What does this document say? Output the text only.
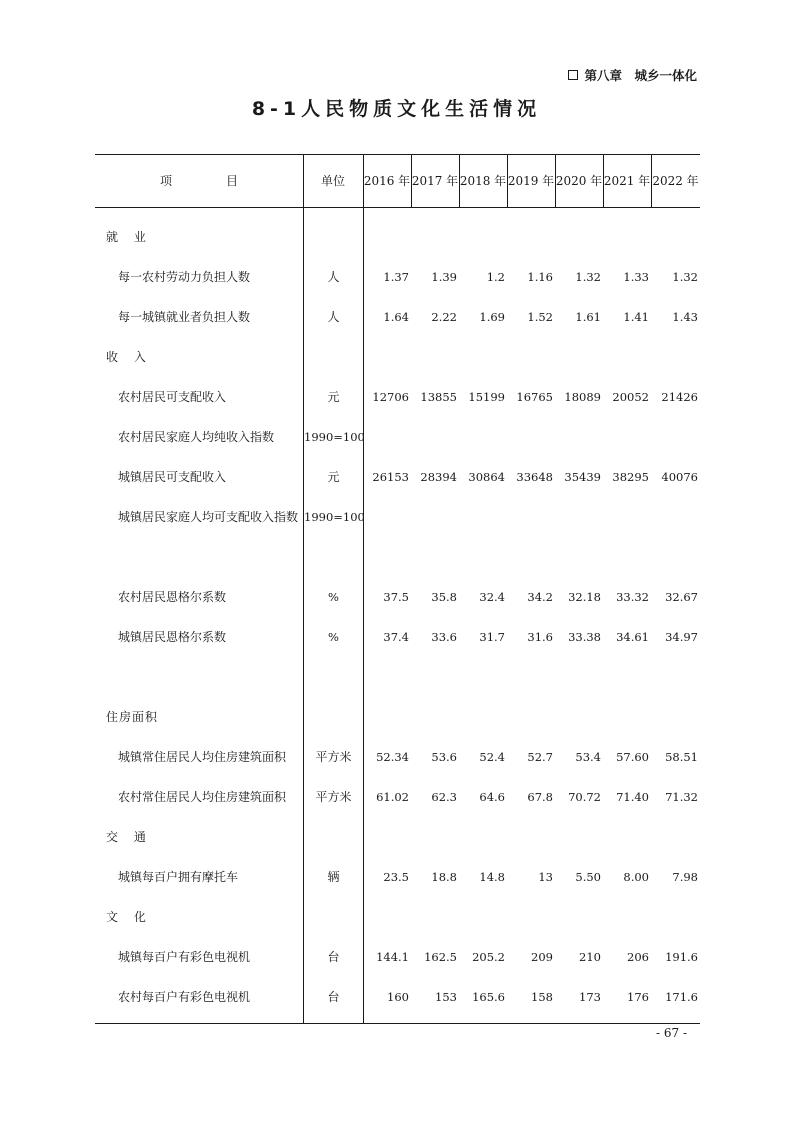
第八章　城乡一体化
8-1人民物质文化生活情况
项目	单位	2016 年 2017 年 2018 年 2019 年 2020 年 2021 年 2022 年
就 业
每一农村劳动力负担人数	人	1.37	1.39	1.2	1.16	1.32	1.33	1.32
每一城镇就业者负担人数	人	1.64	2.22	1.69	1.52	1.61	1.41	1.43
收 入
农村居民可支配收入	元	12706 13855 15199 16765 18089 20052	21426
农村居民家庭人均纯收入指数	1990=100
城镇居民可支配收入	元	26153 28394 30864 33648 35439 38295	40076
城镇居民家庭人均可支配收入指数 1990=100
农村居民恩格尔系数	%	37.5	35.8	32.4	34.2	32.18	33.32	32.67
城镇居民恩格尔系数	%	37.4	33.6	31.7	31.6	33.38	34.61	34.97
住房面积
城镇常住居民人均住房建筑面积	平方米	52.34	53.6	52.4	52.7	53.4	57.60	58.51
农村常住居民人均住房建筑面积	平方米	61.02	62.3	64.6	67.8	70.72	71.40	71.32
交 通
城镇每百户拥有摩托车	辆	23.5	18.8	14.8	13	5.50	8.00	7.98
文 化
城镇每百户有彩色电视机	台	144.1	162.5	205.2	209	210	206	191.6
农村每百户有彩色电视机	台	160	153	165.6	158	173	176	171.6
- 67 -
